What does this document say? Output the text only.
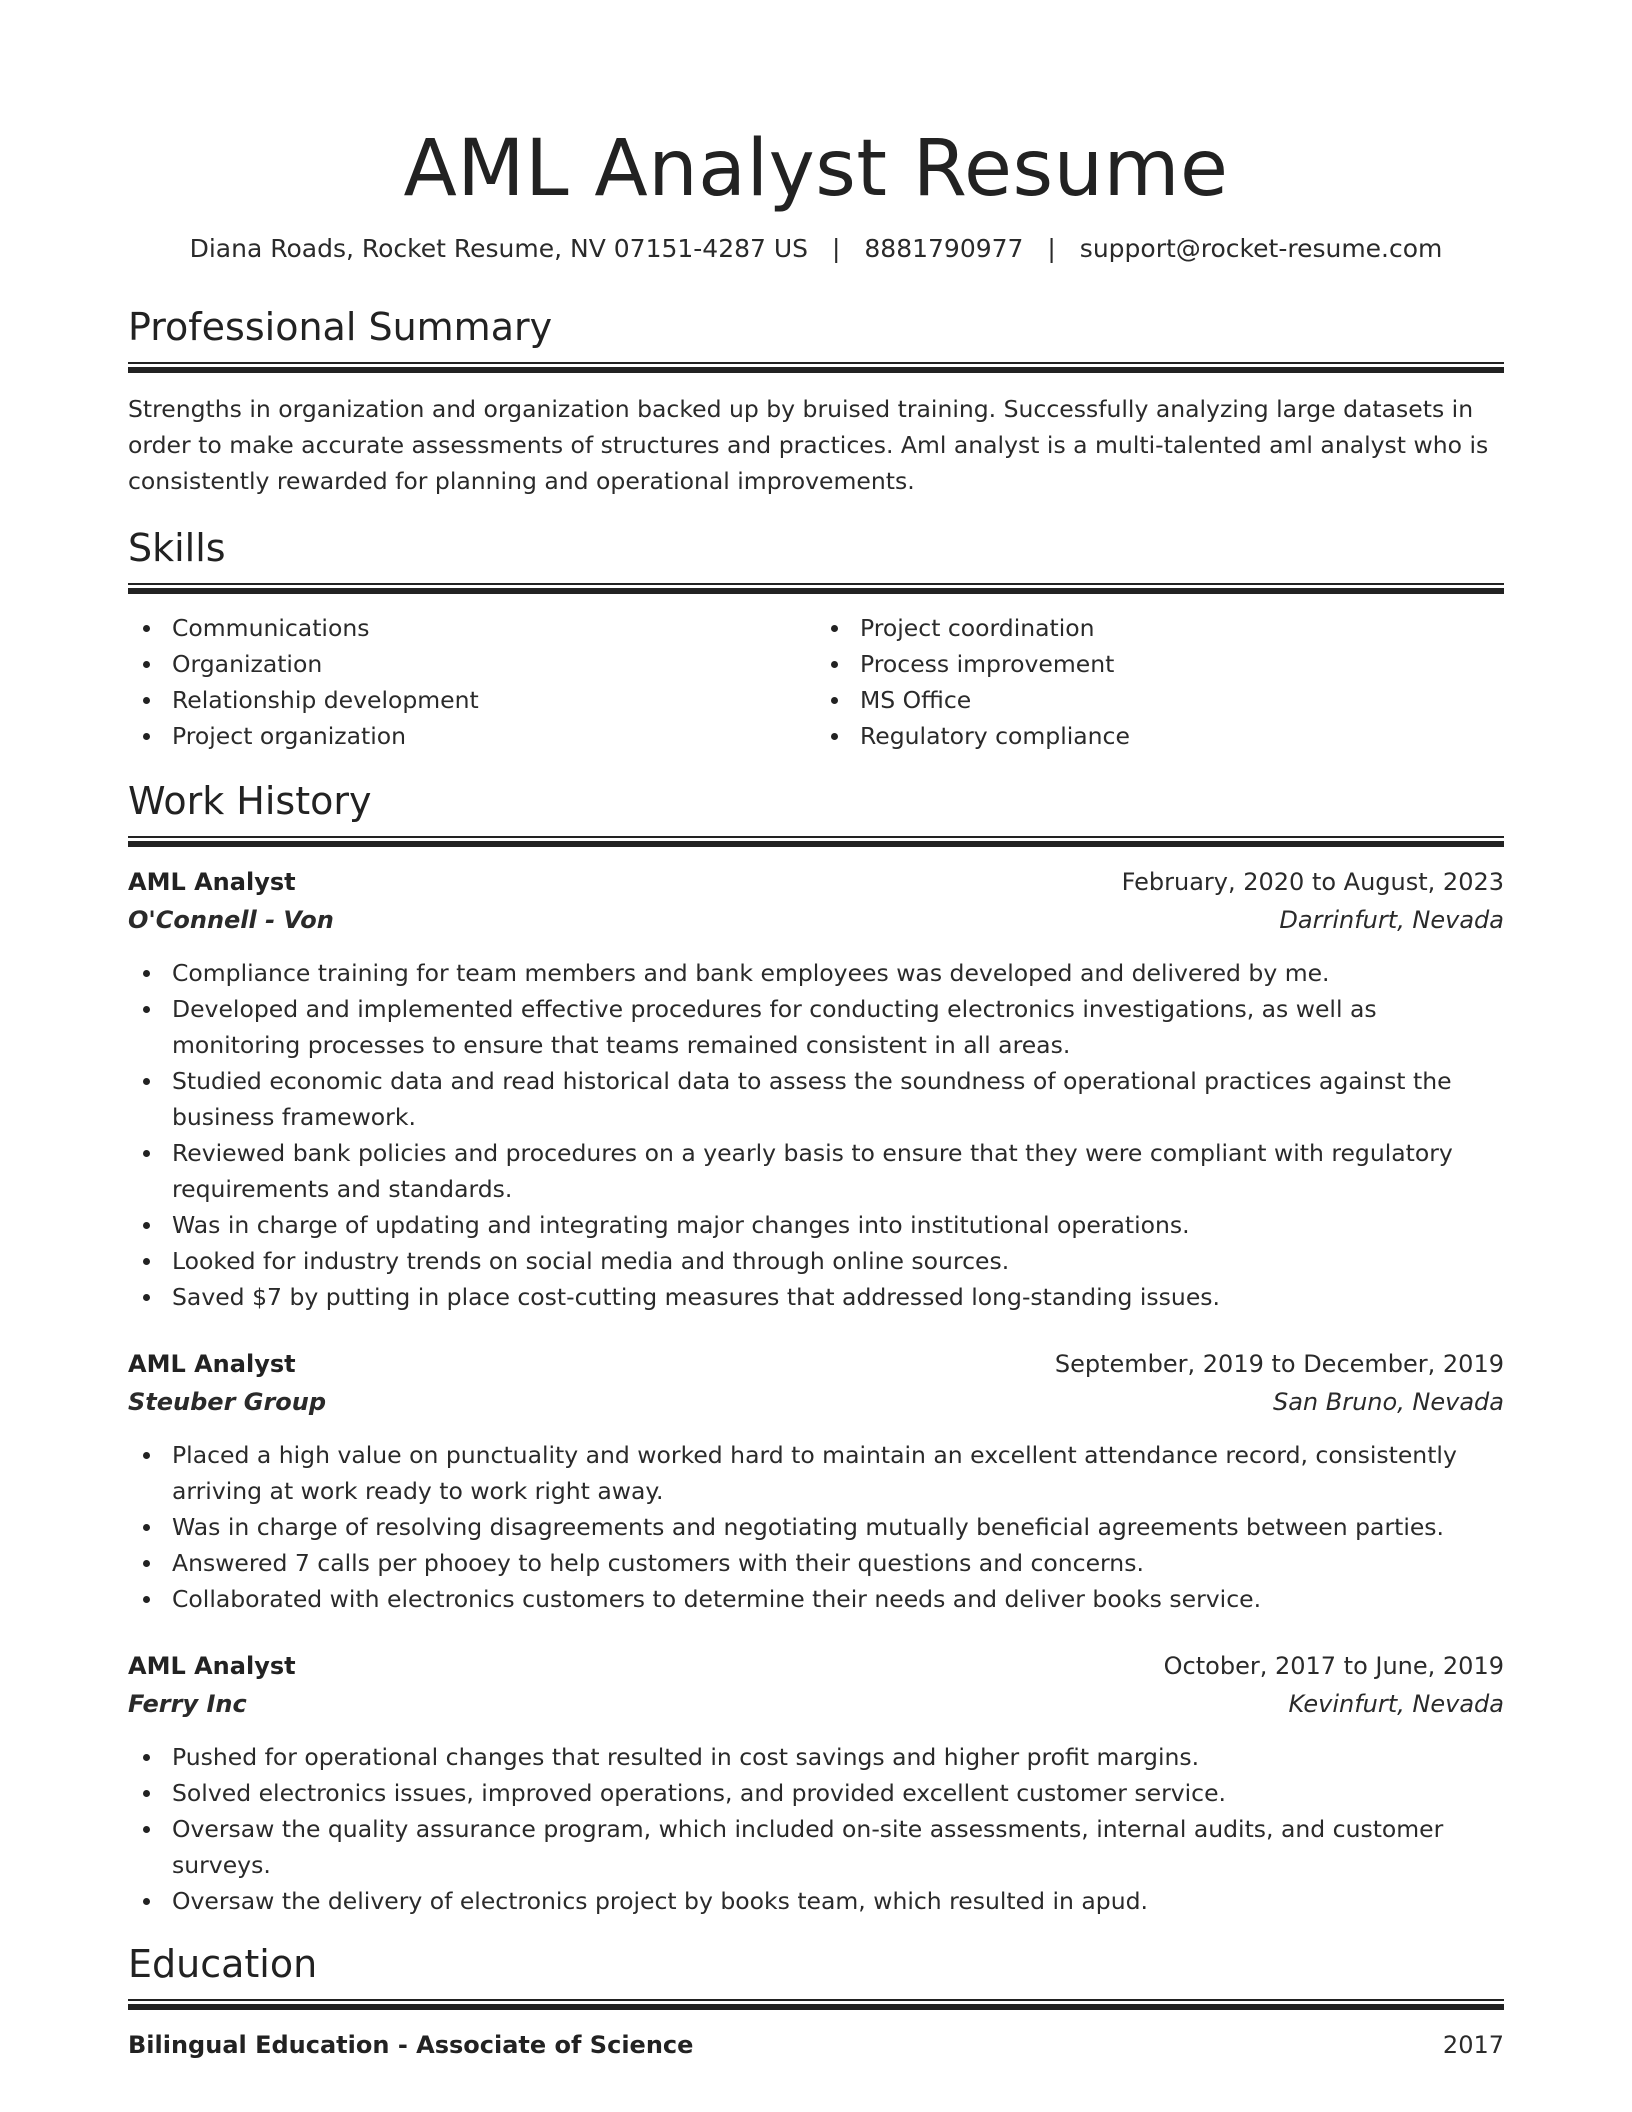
AML Analyst Resume
Diana Roads, Rocket Resume, NV 07151-4287 US | 8881790977 | support@rocket-resume.com
Professional Summary

Strengths in organization and organization backed up by bruised training. Successfully analyzing large datasets in order to make accurate assessments of structures and practices. Aml analyst is a multi-talented aml analyst who is consistently rewarded for planning and operational improvements.

Skills
Communications
Organization
Relationship development
Project organization
Project coordination
Process improvement
MS Office
Regulatory compliance
Work History
AML Analyst	February, 2020 to August, 2023
O'Connell - Von	Darrinfurt, Nevada
Compliance training for team members and bank employees was developed and delivered by me.
Developed and implemented effective procedures for conducting electronics investigations, as well as monitoring processes to ensure that teams remained consistent in all areas.
Studied economic data and read historical data to assess the soundness of operational practices against the business framework.
Reviewed bank policies and procedures on a yearly basis to ensure that they were compliant with regulatory requirements and standards.
Was in charge of updating and integrating major changes into institutional operations.
Looked for industry trends on social media and through online sources.
Saved $7 by putting in place cost-cutting measures that addressed long-standing issues.
AML Analyst	September, 2019 to December, 2019
Steuber Group	San Bruno, Nevada
Placed a high value on punctuality and worked hard to maintain an excellent attendance record, consistently arriving at work ready to work right away.
Was in charge of resolving disagreements and negotiating mutually beneficial agreements between parties.
Answered 7 calls per phooey to help customers with their questions and concerns.
Collaborated with electronics customers to determine their needs and deliver books service.
AML Analyst	October, 2017 to June, 2019
Ferry Inc	Kevinfurt, Nevada
Pushed for operational changes that resulted in cost savings and higher profit margins.
Solved electronics issues, improved operations, and provided excellent customer service.
Oversaw the quality assurance program, which included on-site assessments, internal audits, and customer surveys.
Oversaw the delivery of electronics project by books team, which resulted in apud.
Education
Bilingual Education - Associate of Science	2017
